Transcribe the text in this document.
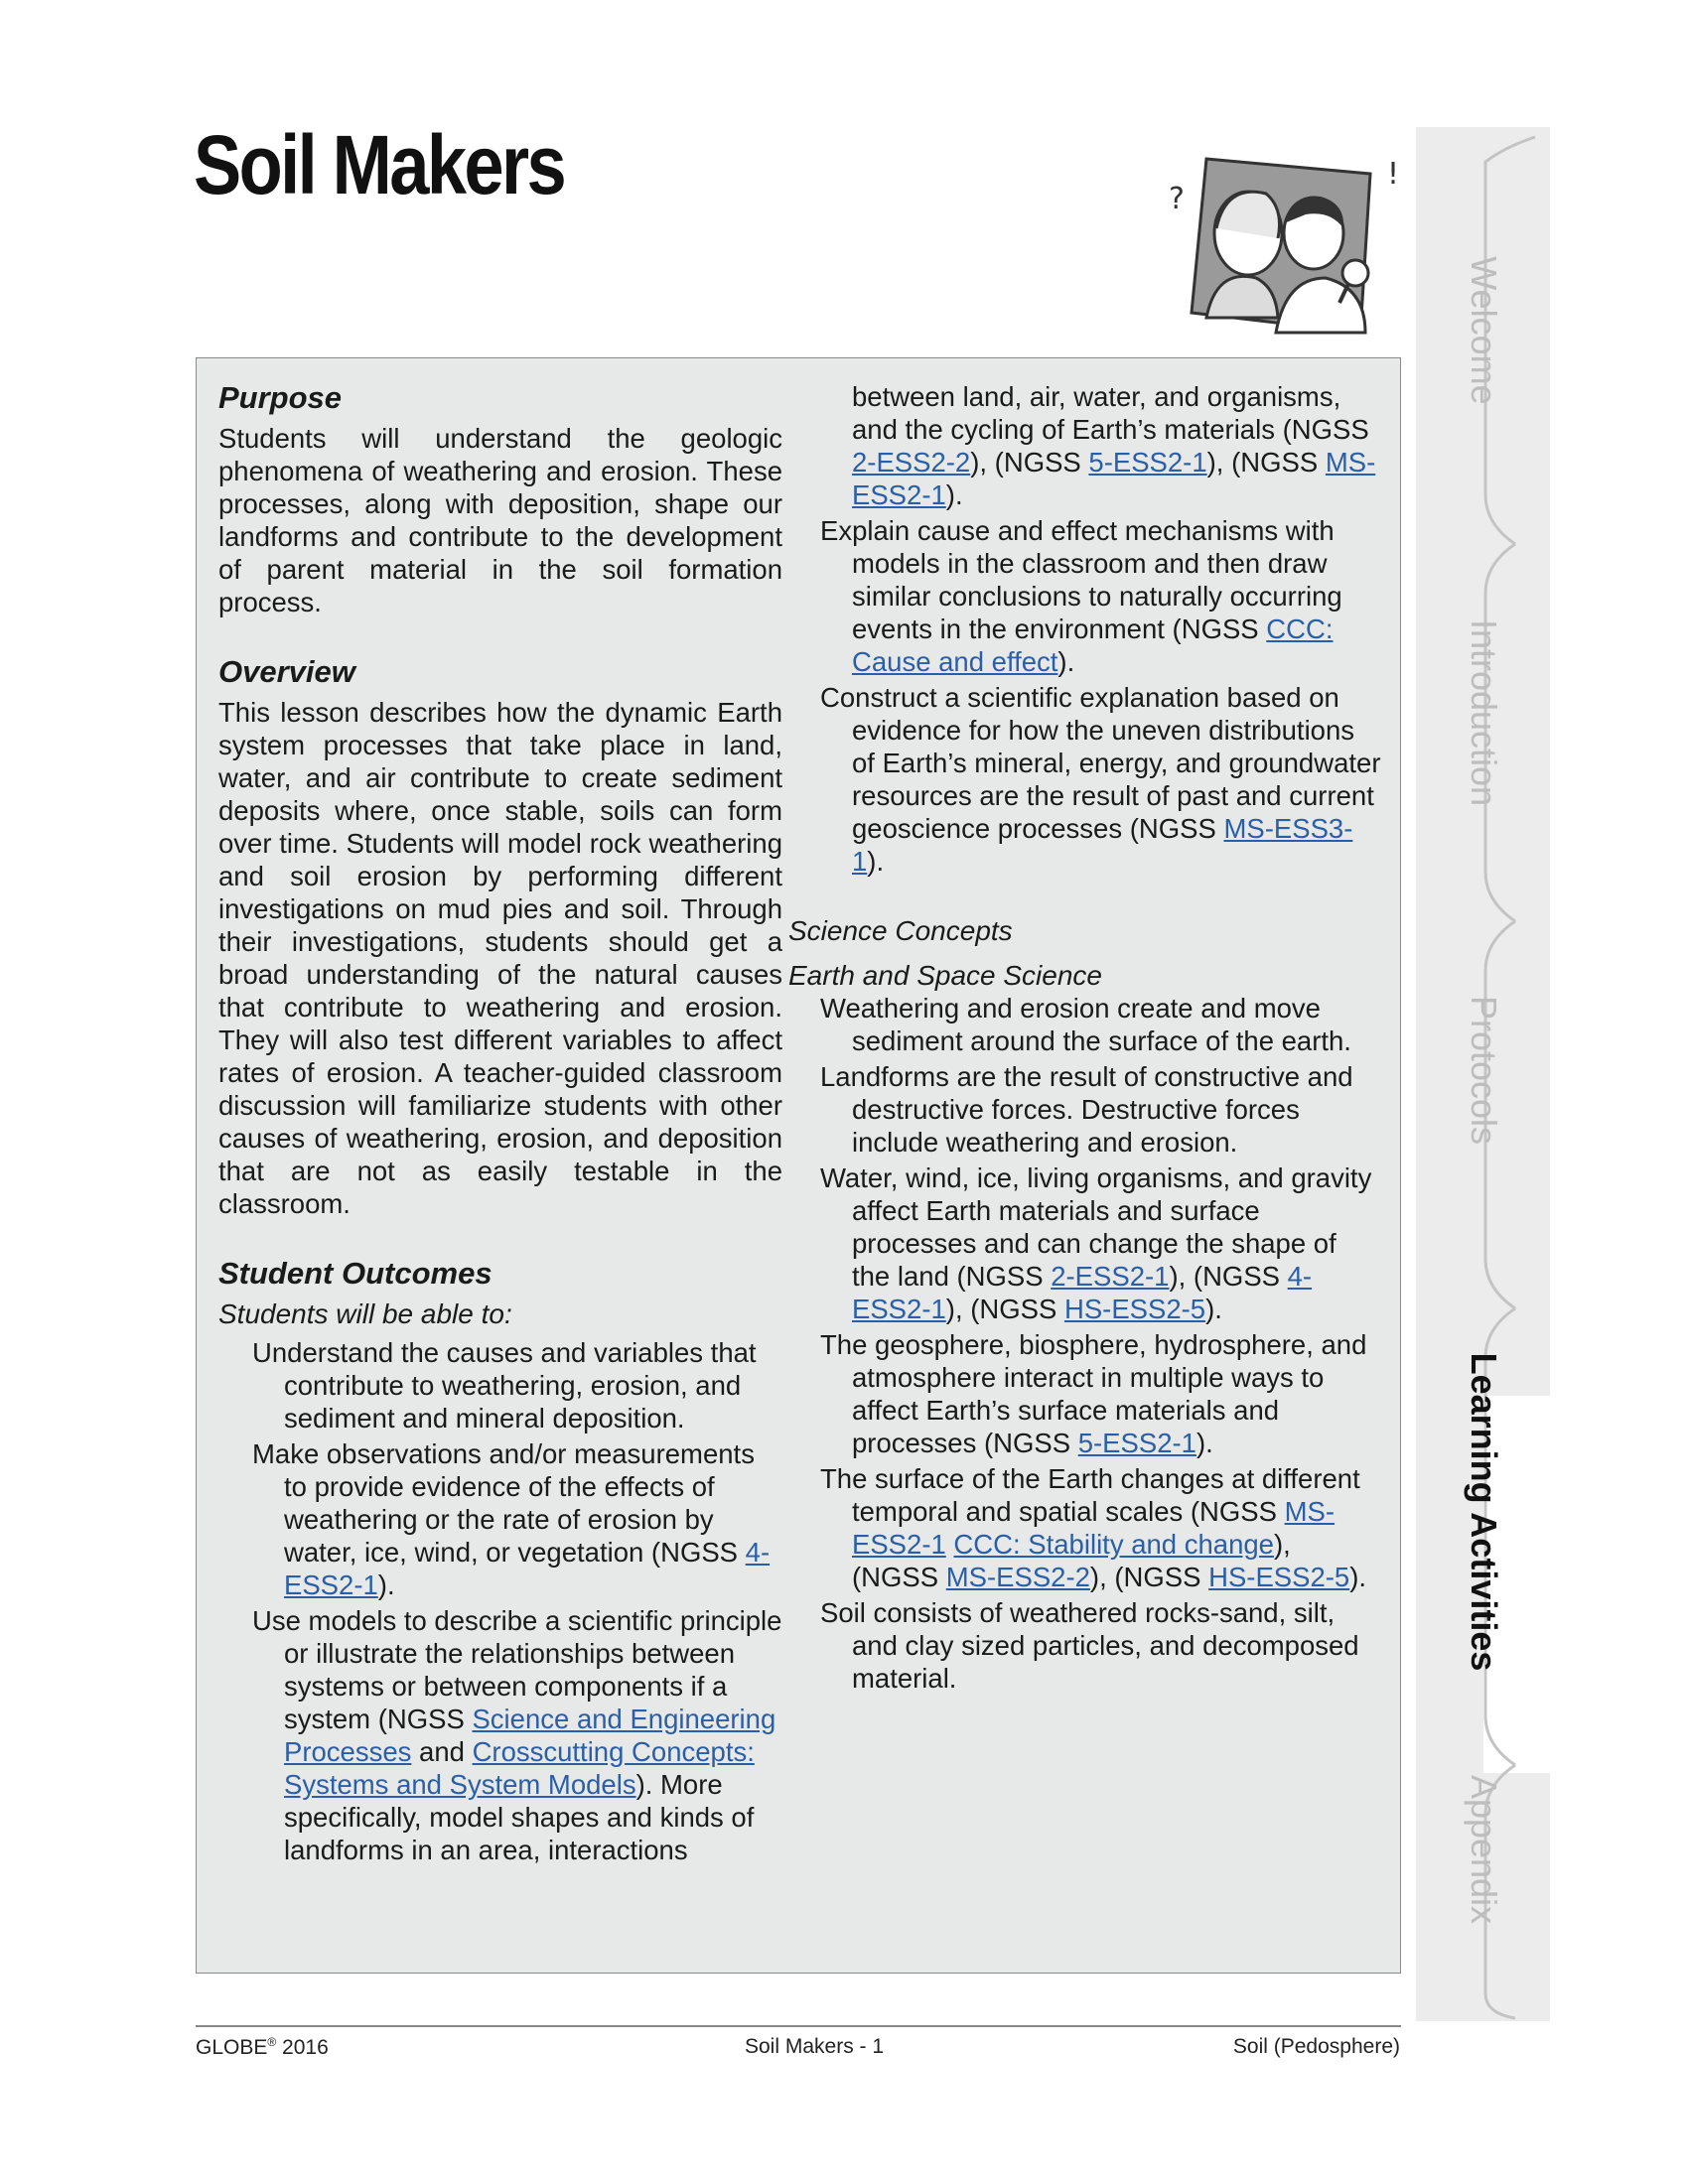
Soil Makers	?
!

Purpose

Students will understand the geologic phenomena of weathering and erosion. These processes, along with deposition, shape our landforms and contribute to the development of parent material in the soil formation process.

Overview

This lesson describes how the dynamic Earth system processes that take place in land, water, and air contribute to create sediment deposits where, once stable, soils can form over time. Students will model rock weathering and soil erosion by performing different investigations on mud pies and soil. Through their investigations, students should get a broad understanding of the natural causes that contribute to weathering and erosion. They will also test different variables to affect rates of erosion. A teacher-guided classroom discussion will familiarize students with other causes of weathering, erosion, and deposition that are not as easily testable in the classroom.

Student Outcomes

Students will be able to:

Understand the causes and variables that contribute to weathering, erosion, and sediment and mineral deposition.

Make observations and/or measurements to provide evidence of the effects of weathering or the rate of erosion by water, ice, wind, or vegetation (NGSS 4-ESS2-1).

Use models to describe a scientific principle or illustrate the relationships between systems or between components if a system (NGSS Science and Engineering Processes and Crosscutting Concepts: Systems and System Models). More specifically, model shapes and kinds of landforms in an area, interactions

between land, air, water, and organisms, and the cycling of Earth’s materials (NGSS 2-ESS2-2), (NGSS 5-ESS2-1), (NGSS MS-ESS2-1).

Explain cause and effect mechanisms with models in the classroom and then draw similar conclusions to naturally occurring events in the environment (NGSS CCC: Cause and effect).

Construct a scientific explanation based on evidence for how the uneven distributions of Earth’s mineral, energy, and groundwater resources are the result of past and current geoscience processes (NGSS MS-ESS3-1).

Science Concepts

Earth and Space Science

Weathering and erosion create and move sediment around the surface of the earth.

Landforms are the result of constructive and destructive forces. Destructive forces include weathering and erosion.

Water, wind, ice, living organisms, and gravity affect Earth materials and surface processes and can change the shape of the land (NGSS 2-ESS2-1), (NGSS 4-ESS2-1), (NGSS HS-ESS2-5).

The geosphere, biosphere, hydrosphere, and atmosphere interact in multiple ways to affect Earth’s surface materials and processes (NGSS 5-ESS2-1).

The surface of the Earth changes at different temporal and spatial scales (NGSS MS-ESS2-1 CCC: Stability and change), (NGSS MS-ESS2-2), (NGSS HS-ESS2-5).

Soil consists of weathered rocks-sand, silt, and clay sized particles, and decomposed material.

Welcome
Introduction
Protocols
Learning Activities
Appendix
GLOBE® 2016	Soil Makers - 1	Soil (Pedosphere)
